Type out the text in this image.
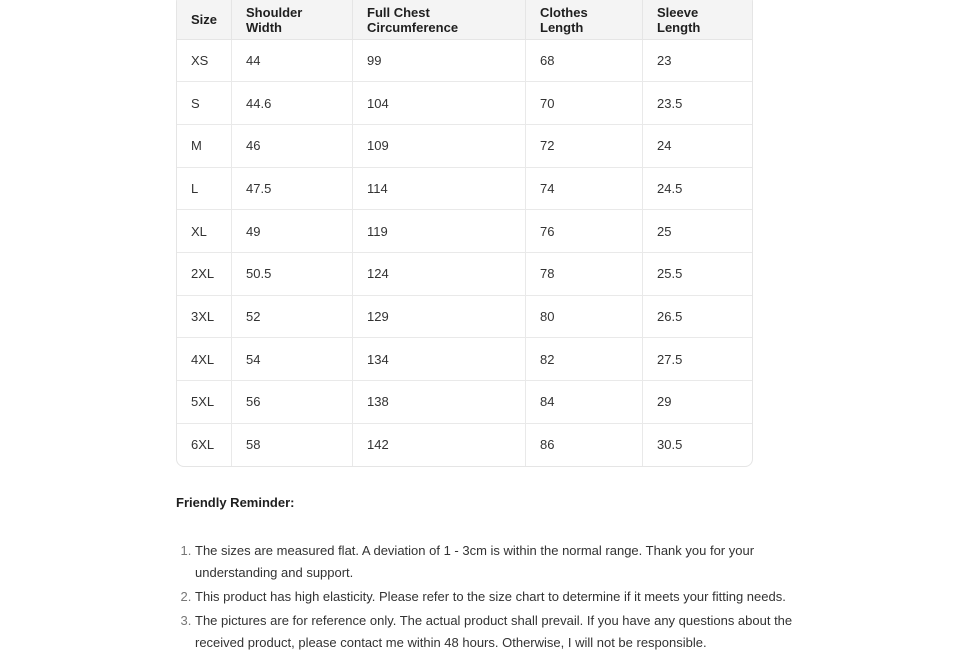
Size	Shoulder Width	Full Chest Circumference	Clothes Length	Sleeve Length
XS	44	99	68	23
S	44.6	104	70	23.5
M	46	109	72	24
L	47.5	114	74	24.5
XL	49	119	76	25
2XL	50.5	124	78	25.5
3XL	52	129	80	26.5
4XL	54	134	82	27.5
5XL	56	138	84	29
6XL	58	142	86	30.5

Friendly Reminder:

1. The sizes are measured flat. A deviation of 1 - 3cm is within the normal range. Thank you for your understanding and support.
2. This product has high elasticity. Please refer to the size chart to determine if it meets your fitting needs.
3. The pictures are for reference only. The actual product shall prevail. If you have any questions about the received product, please contact me within 48 hours. Otherwise, I will not be responsible.
